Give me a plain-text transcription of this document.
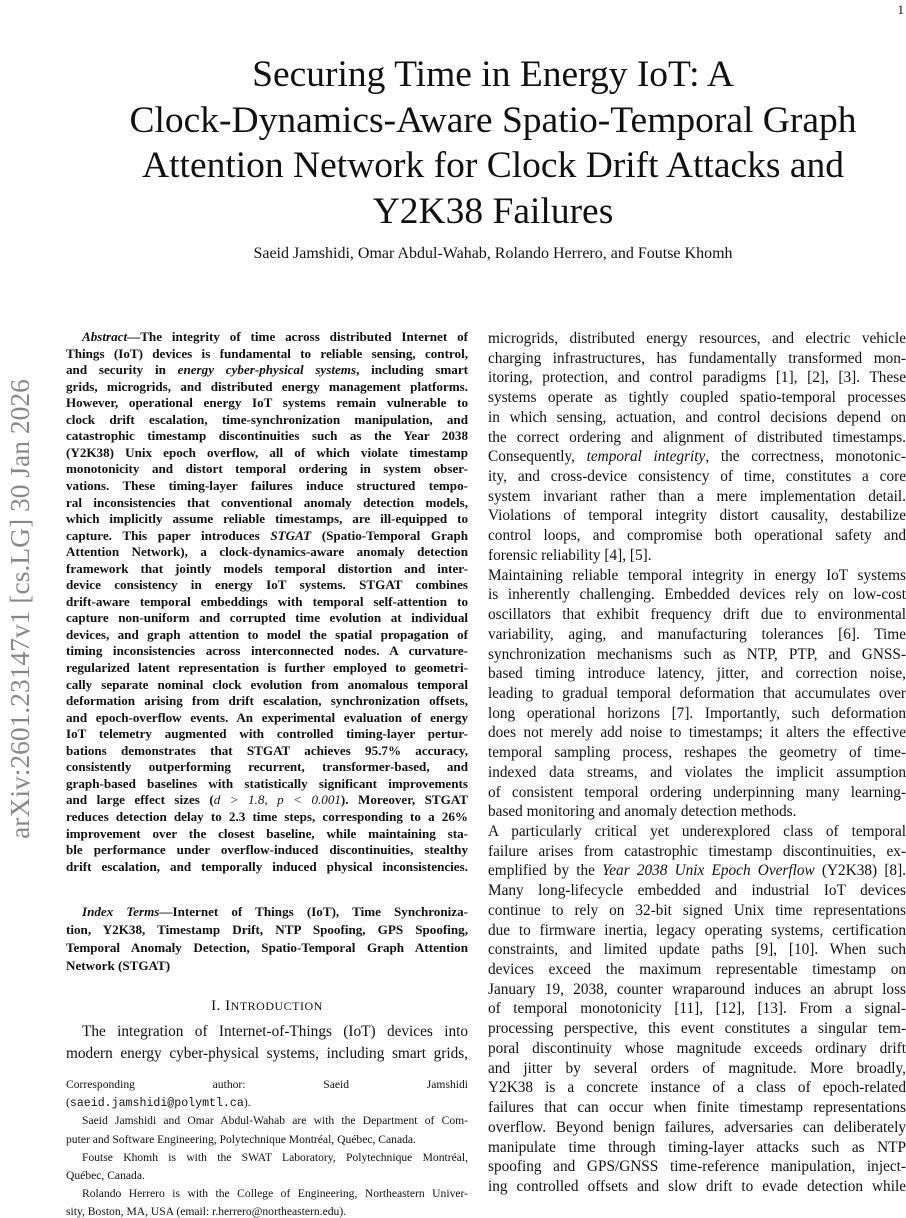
1
Securing Time in Energy IoT: A
Clock-Dynamics-Aware Spatio-Temporal Graph
Attention Network for Clock Drift Attacks and
Y2K38 Failures
Saeid Jamshidi, Omar Abdul-Wahab, Rolando Herrero, and Foutse Khomh
arXiv:2601.23147v1 [cs.LG] 30 Jan 2026
Abstract—The integrity of time across distributed Internet of
Things (IoT) devices is fundamental to reliable sensing, control,
and security in energy cyber-physical systems, including smart
grids, microgrids, and distributed energy management platforms.
However, operational energy IoT systems remain vulnerable to
clock drift escalation, time-synchronization manipulation, and
catastrophic timestamp discontinuities such as the Year 2038
(Y2K38) Unix epoch overflow, all of which violate timestamp
monotonicity and distort temporal ordering in system obser-
vations. These timing-layer failures induce structured tempo-
ral inconsistencies that conventional anomaly detection models,
which implicitly assume reliable timestamps, are ill-equipped to
capture. This paper introduces STGAT (Spatio-Temporal Graph
Attention Network), a clock-dynamics-aware anomaly detection
framework that jointly models temporal distortion and inter-
device consistency in energy IoT systems. STGAT combines
drift-aware temporal embeddings with temporal self-attention to
capture non-uniform and corrupted time evolution at individual
devices, and graph attention to model the spatial propagation of
timing inconsistencies across interconnected nodes. A curvature-
regularized latent representation is further employed to geometri-
cally separate nominal clock evolution from anomalous temporal
deformation arising from drift escalation, synchronization offsets,
and epoch-overflow events. An experimental evaluation of energy
IoT telemetry augmented with controlled timing-layer pertur-
bations demonstrates that STGAT achieves 95.7% accuracy,
consistently outperforming recurrent, transformer-based, and
graph-based baselines with statistically significant improvements
and large effect sizes (d > 1.8, p < 0.001). Moreover, STGAT
reduces detection delay to 2.3 time steps, corresponding to a 26%
improvement over the closest baseline, while maintaining sta-
ble performance under overflow-induced discontinuities, stealthy
drift escalation, and temporally induced physical inconsistencies.
Index Terms—Internet of Things (IoT), Time Synchroniza-
tion, Y2K38, Timestamp Drift, NTP Spoofing, GPS Spoofing,
Temporal Anomaly Detection, Spatio-Temporal Graph Attention
Network (STGAT)
I. INTRODUCTION
The integration of Internet-of-Things (IoT) devices into
modern energy cyber-physical systems, including smart grids,
Corresponding author: Saeid Jamshidi
(saeid.jamshidi@polymtl.ca).
Saeid Jamshidi and Omar Abdul-Wahab are with the Department of Com-
puter and Software Engineering, Polytechnique Montréal, Québec, Canada.
Foutse Khomh is with the SWAT Laboratory, Polytechnique Montréal,
Québec, Canada.
Rolando Herrero is with the College of Engineering, Northeastern Univer-
sity, Boston, MA, USA (email: r.herrero@northeastern.edu).
microgrids, distributed energy resources, and electric vehicle
charging infrastructures, has fundamentally transformed mon-
itoring, protection, and control paradigms [1], [2], [3]. These
systems operate as tightly coupled spatio-temporal processes
in which sensing, actuation, and control decisions depend on
the correct ordering and alignment of distributed timestamps.
Consequently, temporal integrity, the correctness, monotonic-
ity, and cross-device consistency of time, constitutes a core
system invariant rather than a mere implementation detail.
Violations of temporal integrity distort causality, destabilize
control loops, and compromise both operational safety and
forensic reliability [4], [5].
Maintaining reliable temporal integrity in energy IoT systems
is inherently challenging. Embedded devices rely on low-cost
oscillators that exhibit frequency drift due to environmental
variability, aging, and manufacturing tolerances [6]. Time
synchronization mechanisms such as NTP, PTP, and GNSS-
based timing introduce latency, jitter, and correction noise,
leading to gradual temporal deformation that accumulates over
long operational horizons [7]. Importantly, such deformation
does not merely add noise to timestamps; it alters the effective
temporal sampling process, reshapes the geometry of time-
indexed data streams, and violates the implicit assumption
of consistent temporal ordering underpinning many learning-
based monitoring and anomaly detection methods.
A particularly critical yet underexplored class of temporal
failure arises from catastrophic timestamp discontinuities, ex-
emplified by the Year 2038 Unix Epoch Overflow (Y2K38) [8].
Many long-lifecycle embedded and industrial IoT devices
continue to rely on 32-bit signed Unix time representations
due to firmware inertia, legacy operating systems, certification
constraints, and limited update paths [9], [10]. When such
devices exceed the maximum representable timestamp on
January 19, 2038, counter wraparound induces an abrupt loss
of temporal monotonicity [11], [12], [13]. From a signal-
processing perspective, this event constitutes a singular tem-
poral discontinuity whose magnitude exceeds ordinary drift
and jitter by several orders of magnitude. More broadly,
Y2K38 is a concrete instance of a class of epoch-related
failures that can occur when finite timestamp representations
overflow. Beyond benign failures, adversaries can deliberately
manipulate time through timing-layer attacks such as NTP
spoofing and GPS/GNSS time-reference manipulation, inject-
ing controlled offsets and slow drift to evade detection while
